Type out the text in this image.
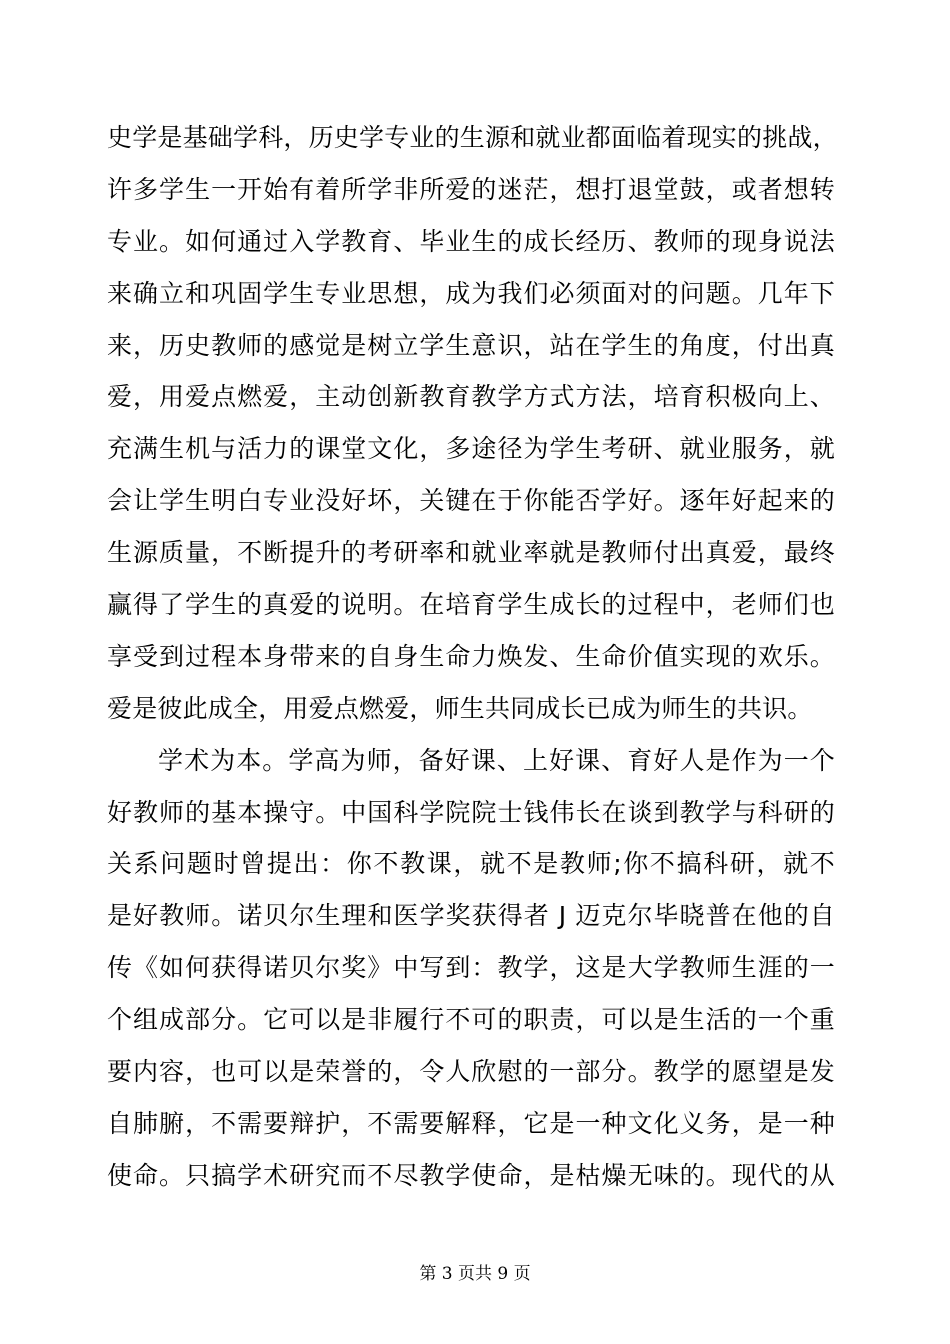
史学是基础学科，历史学专业的生源和就业都面临着现实的挑战，
许多学生一开始有着所学非所爱的迷茫，想打退堂鼓，或者想转
专业。如何通过入学教育、毕业生的成长经历、教师的现身说法
来确立和巩固学生专业思想，成为我们必须面对的问题。几年下
来，历史教师的感觉是树立学生意识，站在学生的角度，付出真
爱，用爱点燃爱，主动创新教育教学方式方法，培育积极向上、
充满生机与活力的课堂文化，多途径为学生考研、就业服务，就
会让学生明白专业没好坏，关键在于你能否学好。逐年好起来的
生源质量，不断提升的考研率和就业率就是教师付出真爱，最终
赢得了学生的真爱的说明。在培育学生成长的过程中，老师们也
享受到过程本身带来的自身生命力焕发、生命价值实现的欢乐。
爱是彼此成全，用爱点燃爱，师生共同成长已成为师生的共识。
学术为本。学高为师，备好课、上好课、育好人是作为一个
好教师的基本操守。中国科学院院士钱伟长在谈到教学与科研的
关系问题时曾提出：你不教课，就不是教师;你不搞科研，就不
是好教师。诺贝尔生理和医学奖获得者 J 迈克尔毕晓普在他的自
传《如何获得诺贝尔奖》中写到：教学，这是大学教师生涯的一
个组成部分。它可以是非履行不可的职责，可以是生活的一个重
要内容，也可以是荣誉的，令人欣慰的一部分。教学的愿望是发
自肺腑，不需要辩护，不需要解释，它是一种文化义务，是一种
使命。只搞学术研究而不尽教学使命，是枯燥无味的。现代的从
第 3 页共 9 页
